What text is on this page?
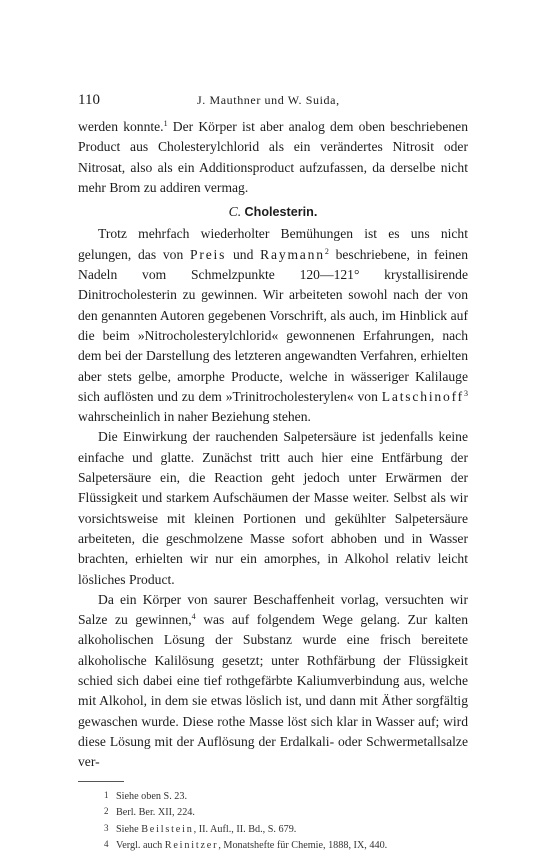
110	J. Mauthner und W. Suida,

werden konnte.$^1$ Der Körper ist aber analog dem oben beschriebenen Product aus Cholesterylchlorid als ein verändertes Nitrosit oder Nitrosat, also als ein Additionsproduct aufzufassen, da derselbe nicht mehr Brom zu addiren vermag.

C. Cholesterin.

Trotz mehrfach wiederholter Bemühungen ist es uns nicht gelungen, das von Preis und Raymann$^2$ beschriebene, in feinen Nadeln vom Schmelzpunkte 120—121° krystallisirende Dinitrocholesterin zu gewinnen. Wir arbeiteten sowohl nach der von den genannten Autoren gegebenen Vorschrift, als auch, im Hinblick auf die beim »Nitrocholesterylchlorid« gewonnenen Erfahrungen, nach dem bei der Darstellung des letzteren angewandten Verfahren, erhielten aber stets gelbe, amorphe Producte, welche in wässeriger Kalilauge sich auflösten und zu dem »Trinitrocholesterylen« von Latschinoff$^3$ wahrscheinlich in naher Beziehung stehen.

Die Einwirkung der rauchenden Salpetersäure ist jedenfalls keine einfache und glatte. Zunächst tritt auch hier eine Entfärbung der Salpetersäure ein, die Reaction geht jedoch unter Erwärmen der Flüssigkeit und starkem Aufschäumen der Masse weiter. Selbst als wir vorsichtsweise mit kleinen Portionen und gekühlter Salpetersäure arbeiteten, die geschmolzene Masse sofort abhoben und in Wasser brachten, erhielten wir nur ein amorphes, in Alkohol relativ leicht lösliches Product.

Da ein Körper von saurer Beschaffenheit vorlag, versuchten wir Salze zu gewinnen,$^4$ was auf folgendem Wege gelang. Zur kalten alkoholischen Lösung der Substanz wurde eine frisch bereitete alkoholische Kalilösung gesetzt; unter Rothfärbung der Flüssigkeit schied sich dabei eine tief rothgefärbte Kaliumverbindung aus, welche mit Alkohol, in dem sie etwas löslich ist, und dann mit Äther sorgfältig gewaschen wurde. Diese rothe Masse löst sich klar in Wasser auf; wird diese Lösung mit der Auflösung der Erdalkali- oder Schwermetallsalze ver-

1 Siehe oben S. 23.
2 Berl. Ber. XII, 224.
3 Siehe Beilstein, II. Aufl., II. Bd., S. 679.
4 Vergl. auch Reinitzer, Monatshefte für Chemie, 1888, IX, 440.
